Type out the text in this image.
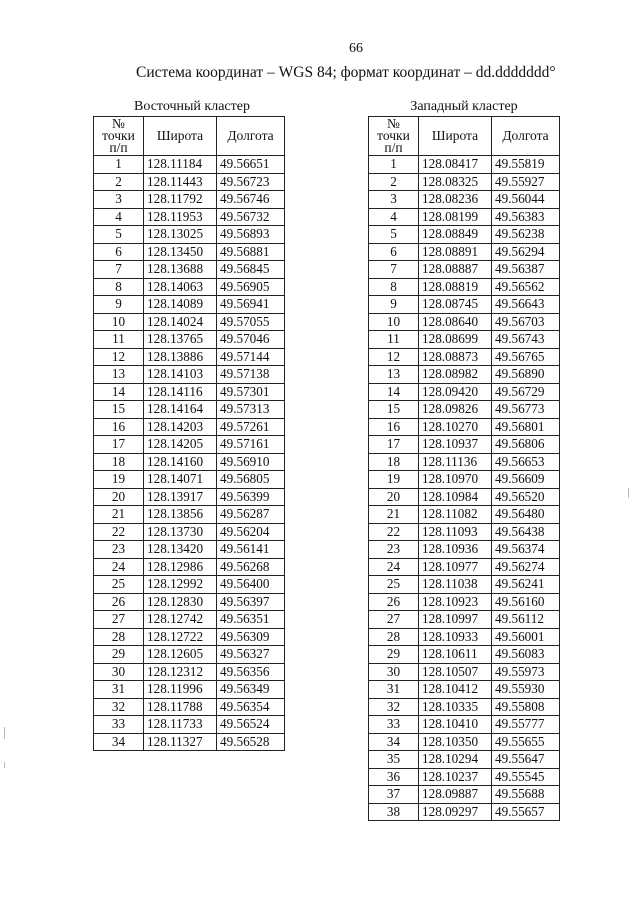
66
Система координат – WGS 84; формат координат – dd.ddddddd°
Восточный кластер
№
точки
п/п	Широта	Долгота
1	128.11184	49.56651
2	128.11443	49.56723
3	128.11792	49.56746
4	128.11953	49.56732
5	128.13025	49.56893
6	128.13450	49.56881
7	128.13688	49.56845
8	128.14063	49.56905
9	128.14089	49.56941
10	128.14024	49.57055
11	128.13765	49.57046
12	128.13886	49.57144
13	128.14103	49.57138
14	128.14116	49.57301
15	128.14164	49.57313
16	128.14203	49.57261
17	128.14205	49.57161
18	128.14160	49.56910
19	128.14071	49.56805
20	128.13917	49.56399
21	128.13856	49.56287
22	128.13730	49.56204
23	128.13420	49.56141
24	128.12986	49.56268
25	128.12992	49.56400
26	128.12830	49.56397
27	128.12742	49.56351
28	128.12722	49.56309
29	128.12605	49.56327
30	128.12312	49.56356
31	128.11996	49.56349
32	128.11788	49.56354
33	128.11733	49.56524
34	128.11327	49.56528
Западный кластер
№
точки
п/п	Широта	Долгота
1	128.08417	49.55819
2	128.08325	49.55927
3	128.08236	49.56044
4	128.08199	49.56383
5	128.08849	49.56238
6	128.08891	49.56294
7	128.08887	49.56387
8	128.08819	49.56562
9	128.08745	49.56643
10	128.08640	49.56703
11	128.08699	49.56743
12	128.08873	49.56765
13	128.08982	49.56890
14	128.09420	49.56729
15	128.09826	49.56773
16	128.10270	49.56801
17	128.10937	49.56806
18	128.11136	49.56653
19	128.10970	49.56609
20	128.10984	49.56520
21	128.11082	49.56480
22	128.11093	49.56438
23	128.10936	49.56374
24	128.10977	49.56274
25	128.11038	49.56241
26	128.10923	49.56160
27	128.10997	49.56112
28	128.10933	49.56001
29	128.10611	49.56083
30	128.10507	49.55973
31	128.10412	49.55930
32	128.10335	49.55808
33	128.10410	49.55777
34	128.10350	49.55655
35	128.10294	49.55647
36	128.10237	49.55545
37	128.09887	49.55688
38	128.09297	49.55657
